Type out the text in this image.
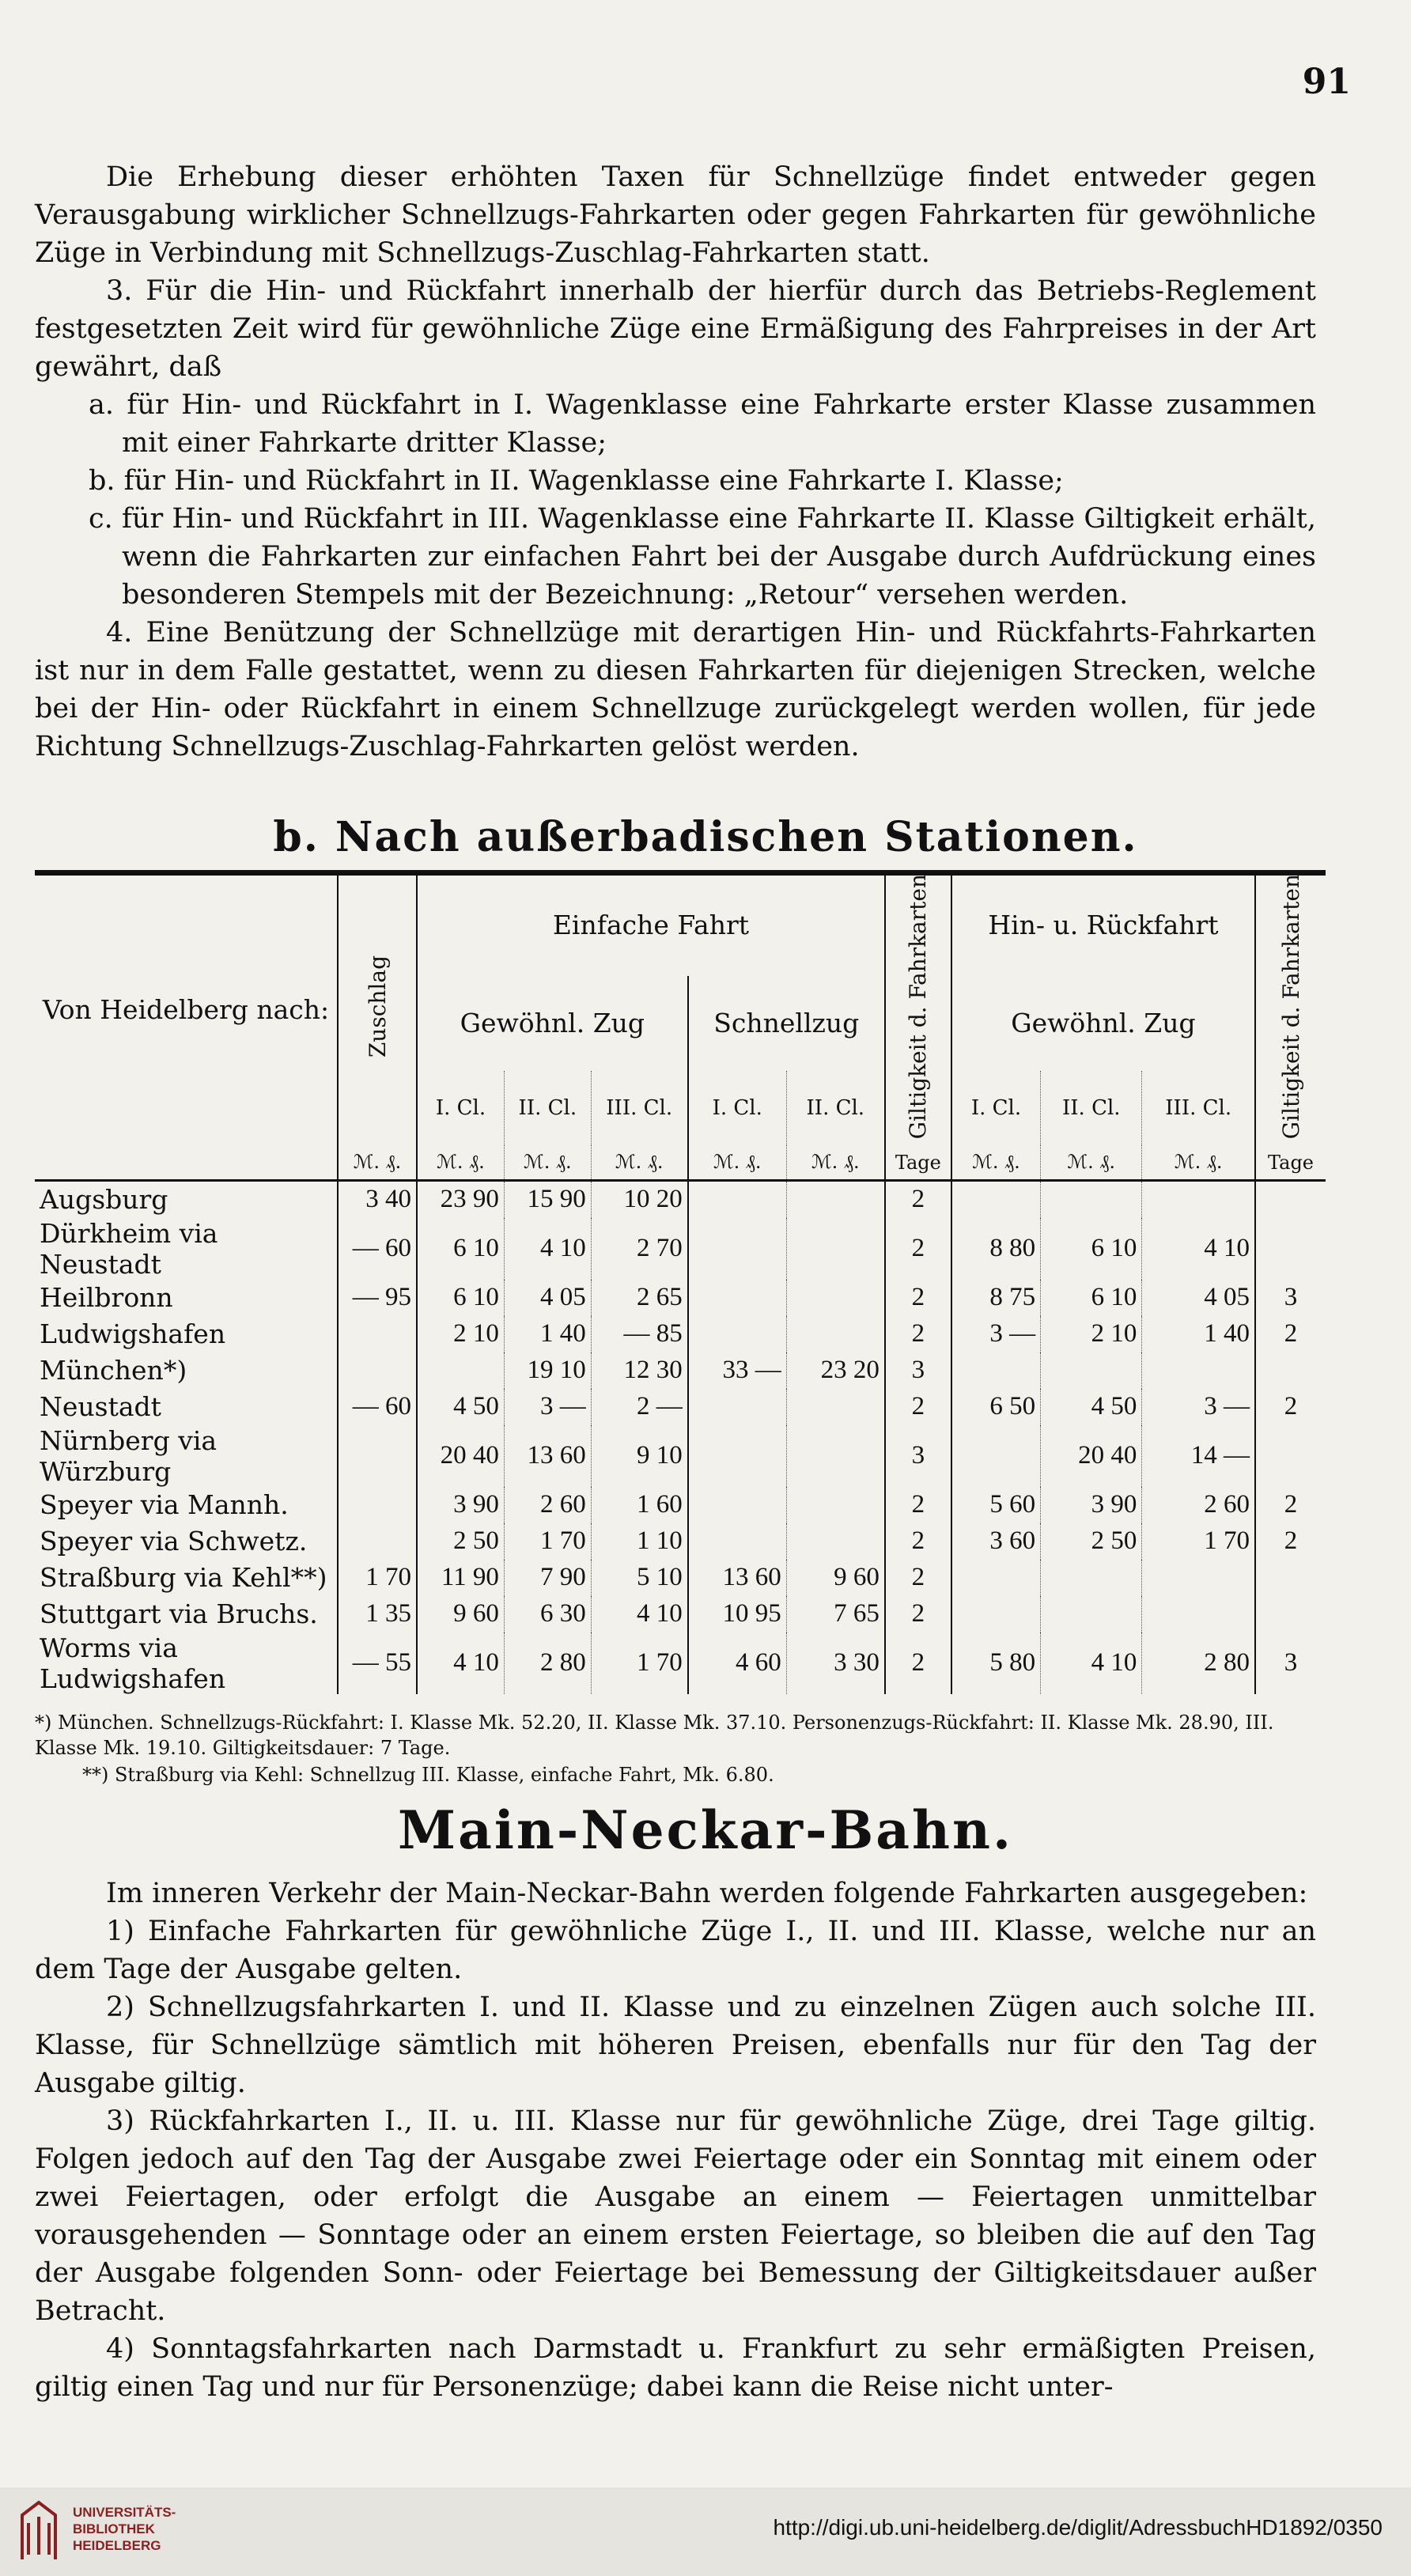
91
Die Erhebung dieser erhöhten Taxen für Schnellzüge findet entweder gegen Verausgabung wirklicher Schnellzugs-Fahrkarten oder gegen Fahrkarten für gewöhnliche Züge in Verbindung mit Schnellzugs-Zuschlag-Fahrkarten statt.
3. Für die Hin- und Rückfahrt innerhalb der hierfür durch das Betriebs-Reglement festgesetzten Zeit wird für gewöhnliche Züge eine Ermäßigung des Fahrpreises in der Art gewährt, daß
a. für Hin- und Rückfahrt in I. Wagenklasse eine Fahrkarte erster Klasse zusammen mit einer Fahrkarte dritter Klasse;
b. für Hin- und Rückfahrt in II. Wagenklasse eine Fahrkarte I. Klasse;
c. für Hin- und Rückfahrt in III. Wagenklasse eine Fahrkarte II. Klasse Giltigkeit erhält, wenn die Fahrkarten zur einfachen Fahrt bei der Ausgabe durch Aufdrückung eines besonderen Stempels mit der Bezeichnung: „Retour“ versehen werden.
4. Eine Benützung der Schnellzüge mit derartigen Hin- und Rückfahrts-Fahrkarten ist nur in dem Falle gestattet, wenn zu diesen Fahrkarten für diejenigen Strecken, welche bei der Hin- oder Rückfahrt in einem Schnellzuge zurückgelegt werden wollen, für jede Richtung Schnellzugs-Zuschlag-Fahrkarten gelöst werden.
b. Nach außerbadischen Stationen.
Von Heidelberg nach:	Zuschlag	Einfache Fahrt					Giltigkeit d. Fahrkarten	Hin- u. Rückfahrt			Giltigkeit d. Fahrkarten
		Gewöhnl. Zug			Schnellzug			Gewöhnl. Zug			
		I. Cl.	II. Cl.	III. Cl.	I. Cl.	II. Cl.		I. Cl.	II. Cl.	III. Cl.	
	ℳ. ₰.	ℳ. ₰.	ℳ. ₰.	ℳ. ₰.	ℳ. ₰.	ℳ. ₰.	Tage	ℳ. ₰.	ℳ. ₰.	ℳ. ₰.	Tage
Augsburg	3 40	23 90	15 90	10 20			2				
Dürkheim via Neustadt	— 60	6 10	4 10	2 70			2	8 80	6 10	4 10	
Heilbronn	— 95	6 10	4 05	2 65			2	8 75	6 10	4 05	3
Ludwigshafen		2 10	1 40	— 85			2	3 —	2 10	1 40	2
München*)			19 10	12 30	33 —	23 20	3				
Neustadt	— 60	4 50	3 —	2 —			2	6 50	4 50	3 —	2
Nürnberg via Würzburg		20 40	13 60	9 10			3		20 40	14 —	
Speyer via Mannh.		3 90	2 60	1 60			2	5 60	3 90	2 60	2
Speyer via Schwetz.		2 50	1 70	1 10			2	3 60	2 50	1 70	2
Straßburg via Kehl**)	1 70	11 90	7 90	5 10	13 60	9 60	2				
Stuttgart via Bruchs.	1 35	9 60	6 30	4 10	10 95	7 65	2				
Worms via Ludwigshafen	— 55	4 10	2 80	1 70	4 60	3 30	2	5 80	4 10	2 80	3
*) München. Schnellzugs-Rückfahrt: I. Klasse Mk. 52.20, II. Klasse Mk. 37.10. Personenzugs-Rückfahrt: II. Klasse Mk. 28.90, III. Klasse Mk. 19.10. Giltigkeitsdauer: 7 Tage.
**) Straßburg via Kehl: Schnellzug III. Klasse, einfache Fahrt, Mk. 6.80.
Main-Neckar-Bahn.
Im inneren Verkehr der Main-Neckar-Bahn werden folgende Fahrkarten ausgegeben:
1) Einfache Fahrkarten für gewöhnliche Züge I., II. und III. Klasse, welche nur an dem Tage der Ausgabe gelten.
2) Schnellzugsfahrkarten I. und II. Klasse und zu einzelnen Zügen auch solche III. Klasse, für Schnellzüge sämtlich mit höheren Preisen, ebenfalls nur für den Tag der Ausgabe giltig.
3) Rückfahrkarten I., II. u. III. Klasse nur für gewöhnliche Züge, drei Tage giltig. Folgen jedoch auf den Tag der Ausgabe zwei Feiertage oder ein Sonntag mit einem oder zwei Feiertagen, oder erfolgt die Ausgabe an einem — Feiertagen unmittelbar vorausgehenden — Sonntage oder an einem ersten Feiertage, so bleiben die auf den Tag der Ausgabe folgenden Sonn- oder Feiertage bei Bemessung der Giltigkeitsdauer außer Betracht.
4) Sonntagsfahrkarten nach Darmstadt u. Frankfurt zu sehr ermäßigten Preisen, giltig einen Tag und nur für Personenzüge; dabei kann die Reise nicht unter-
UNIVERSITÄTS-
BIBLIOTHEK
HEIDELBERG
http://digi.ub.uni-heidelberg.de/diglit/AdressbuchHD1892/0350
